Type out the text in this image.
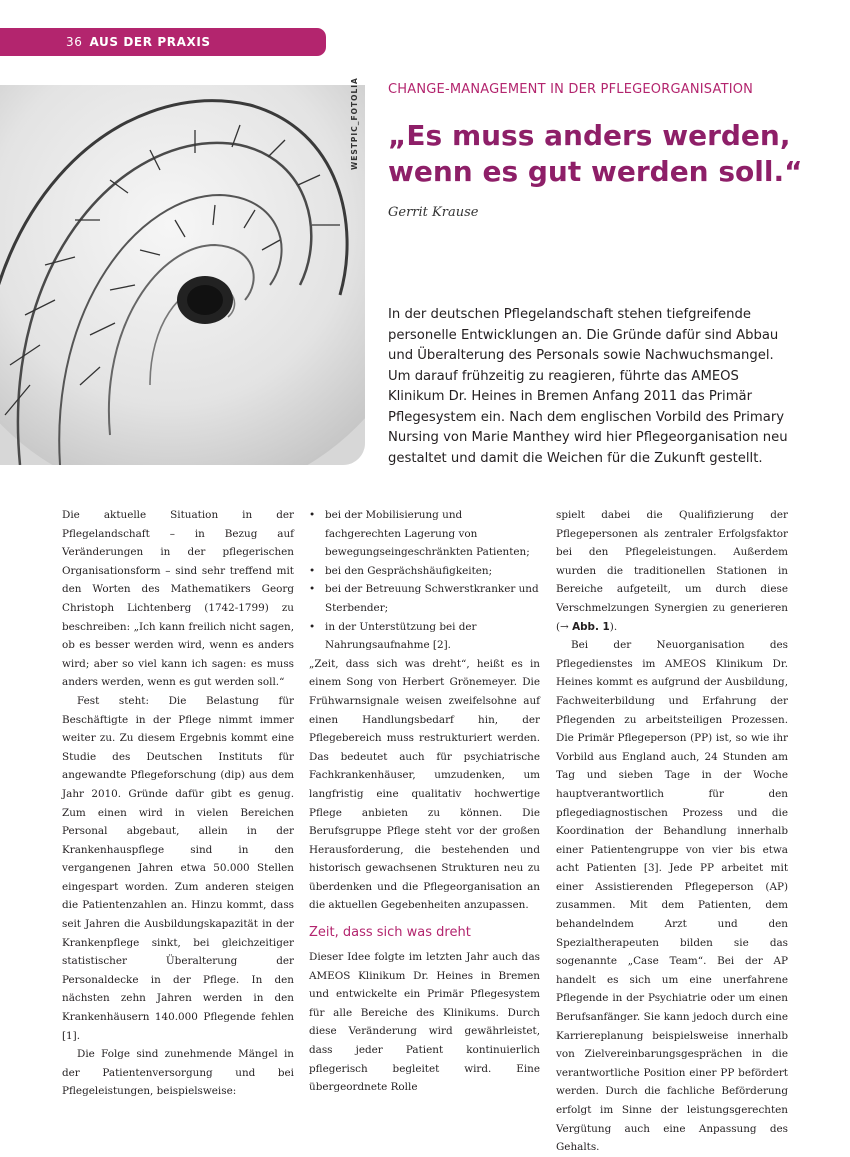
36 AUS DER PRAXIS
WESTPIC_FOTOLIA CHANGE-MANAGEMENT IN DER PFLEGEORGANISATION
„Es muss anders werden,
wenn es gut werden soll.“
Gerrit Krause

In der deutschen Pflegelandschaft stehen tiefgreifende personelle Entwicklungen an. Die Gründe dafür sind Abbau und Überalterung des Personals sowie Nachwuchsmangel. Um darauf frühzeitig zu reagieren, führte das AMEOS Klinikum Dr. Heines in Bremen Anfang 2011 das Primär Pflegesystem ein. Nach dem englischen Vorbild des Primary Nursing von Marie Manthey wird hier Pflegeorganisation neu gestaltet und damit die Weichen für die Zukunft gestellt.

Die aktuelle Situation in der Pflegelandschaft – in Bezug auf Veränderungen in der pflegerischen Organisationsform – sind sehr treffend mit den Worten des Mathematikers Georg Christoph Lichtenberg (1742-1799) zu beschreiben: „Ich kann freilich nicht sagen, ob es besser werden wird, wenn es anders wird; aber so viel kann ich sagen: es muss anders werden, wenn es gut werden soll.“

Fest steht: Die Belastung für Beschäftigte in der Pflege nimmt immer weiter zu. Zu diesem Ergebnis kommt eine Studie des Deutschen Instituts für angewandte Pflegeforschung (dip) aus dem Jahr 2010. Gründe dafür gibt es genug. Zum einen wird in vielen Bereichen Personal abgebaut, allein in der Krankenhauspflege sind in den vergangenen Jahren etwa 50.000 Stellen eingespart worden. Zum anderen steigen die Patientenzahlen an. Hinzu kommt, dass seit Jahren die Ausbildungskapazität in der Krankenpflege sinkt, bei gleichzeitiger statistischer Überalterung der Personaldecke in der Pflege. In den nächsten zehn Jahren werden in den Krankenhäusern 140.000 Pflegende fehlen [1].

Die Folge sind zunehmende Mängel in der Patientenversorgung und bei Pflegeleistungen, beispielsweise:

• bei der Mobilisierung und fachgerechten Lagerung von bewegungseingeschränkten Patienten;
• bei den Gesprächshäufigkeiten;
• bei der Betreuung Schwerstkranker und Sterbender;
• in der Unterstützung bei der Nahrungsaufnahme [2].

„Zeit, dass sich was dreht“, heißt es in einem Song von Herbert Grönemeyer. Die Frühwarnsignale weisen zweifelsohne auf einen Handlungsbedarf hin, der Pflegebereich muss restrukturiert werden. Das bedeutet auch für psychiatrische Fachkrankenhäuser, umzudenken, um langfristig eine qualitativ hochwertige Pflege anbieten zu können. Die Berufsgruppe Pflege steht vor der großen Herausforderung, die bestehenden und historisch gewachsenen Strukturen neu zu überdenken und die Pflegeorganisation an die aktuellen Gegebenheiten anzupassen.

Zeit, dass sich was dreht

Dieser Idee folgte im letzten Jahr auch das AMEOS Klinikum Dr. Heines in Bremen und entwickelte ein Primär Pflegesystem für alle Bereiche des Klinikums. Durch diese Veränderung wird gewährleistet, dass jeder Patient kontinuierlich pflegerisch begleitet wird. Eine übergeordnete Rolle

spielt dabei die Qualifizierung der Pflegepersonen als zentraler Erfolgsfaktor bei den Pflegeleistungen. Außerdem wurden die traditionellen Stationen in Bereiche aufgeteilt, um durch diese Verschmelzungen Synergien zu generieren (→ Abb. 1).

Bei der Neuorganisation des Pflegedienstes im AMEOS Klinikum Dr. Heines kommt es aufgrund der Ausbildung, Fachweiterbildung und Erfahrung der Pflegenden zu arbeitsteiligen Prozessen. Die Primär Pflegeperson (PP) ist, so wie ihr Vorbild aus England auch, 24 Stunden am Tag und sieben Tage in der Woche hauptverantwortlich für den pflegediagnostischen Prozess und die Koordination der Behandlung innerhalb einer Patientengruppe von vier bis etwa acht Patienten [3]. Jede PP arbeitet mit einer Assistierenden Pflegeperson (AP) zusammen. Mit dem Patienten, dem behandelndem Arzt und den Spezialtherapeuten bilden sie das sogenannte „Case Team“. Bei der AP handelt es sich um eine unerfahrene Pflegende in der Psychiatrie oder um einen Berufsanfänger. Sie kann jedoch durch eine Karriereplanung beispielsweise innerhalb von Zielvereinbarungsgesprächen in die verantwortliche Position einer PP befördert werden. Durch die fachliche Beförderung erfolgt im Sinne der leistungsgerechten Vergütung auch eine Anpassung des Gehalts.
